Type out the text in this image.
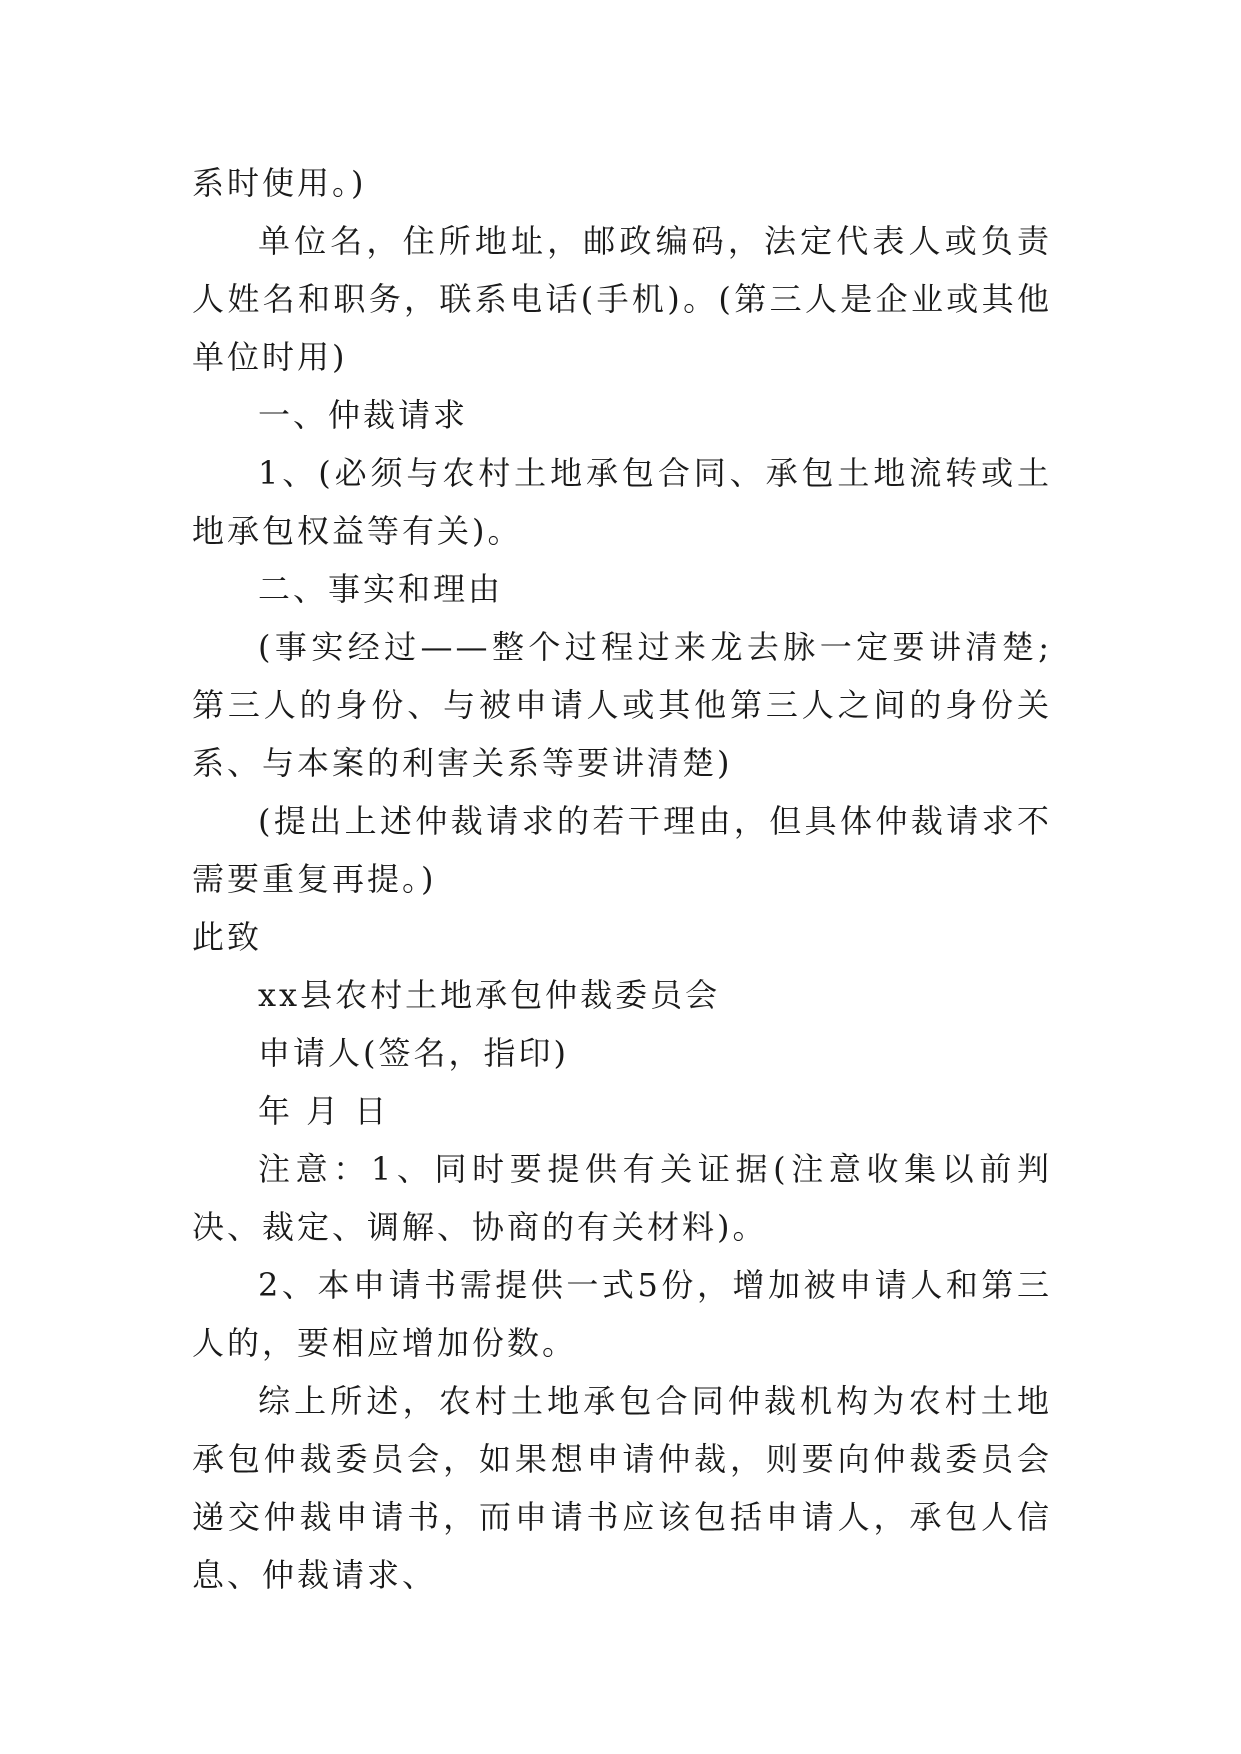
系时使用。)

单位名，住所地址，邮政编码，法定代表人或负责人姓名和职务，联系电话(手机)。(第三人是企业或其他单位时用)

一、仲裁请求

1、(必须与农村土地承包合同、承包土地流转或土地承包权益等有关)。

二、事实和理由

(事实经过——整个过程过来龙去脉一定要讲清楚;第三人的身份、与被申请人或其他第三人之间的身份关系、与本案的利害关系等要讲清楚)

(提出上述仲裁请求的若干理由，但具体仲裁请求不需要重复再提。)

此致

xx县农村土地承包仲裁委员会

申请人(签名，指印)

年 月 日

注意：1、同时要提供有关证据(注意收集以前判决、裁定、调解、协商的有关材料)。

2、本申请书需提供一式5份，增加被申请人和第三人的，要相应增加份数。

综上所述，农村土地承包合同仲裁机构为农村土地承包仲裁委员会，如果想申请仲裁，则要向仲裁委员会递交仲裁申请书，而申请书应该包括申请人，承包人信息、仲裁请求、
